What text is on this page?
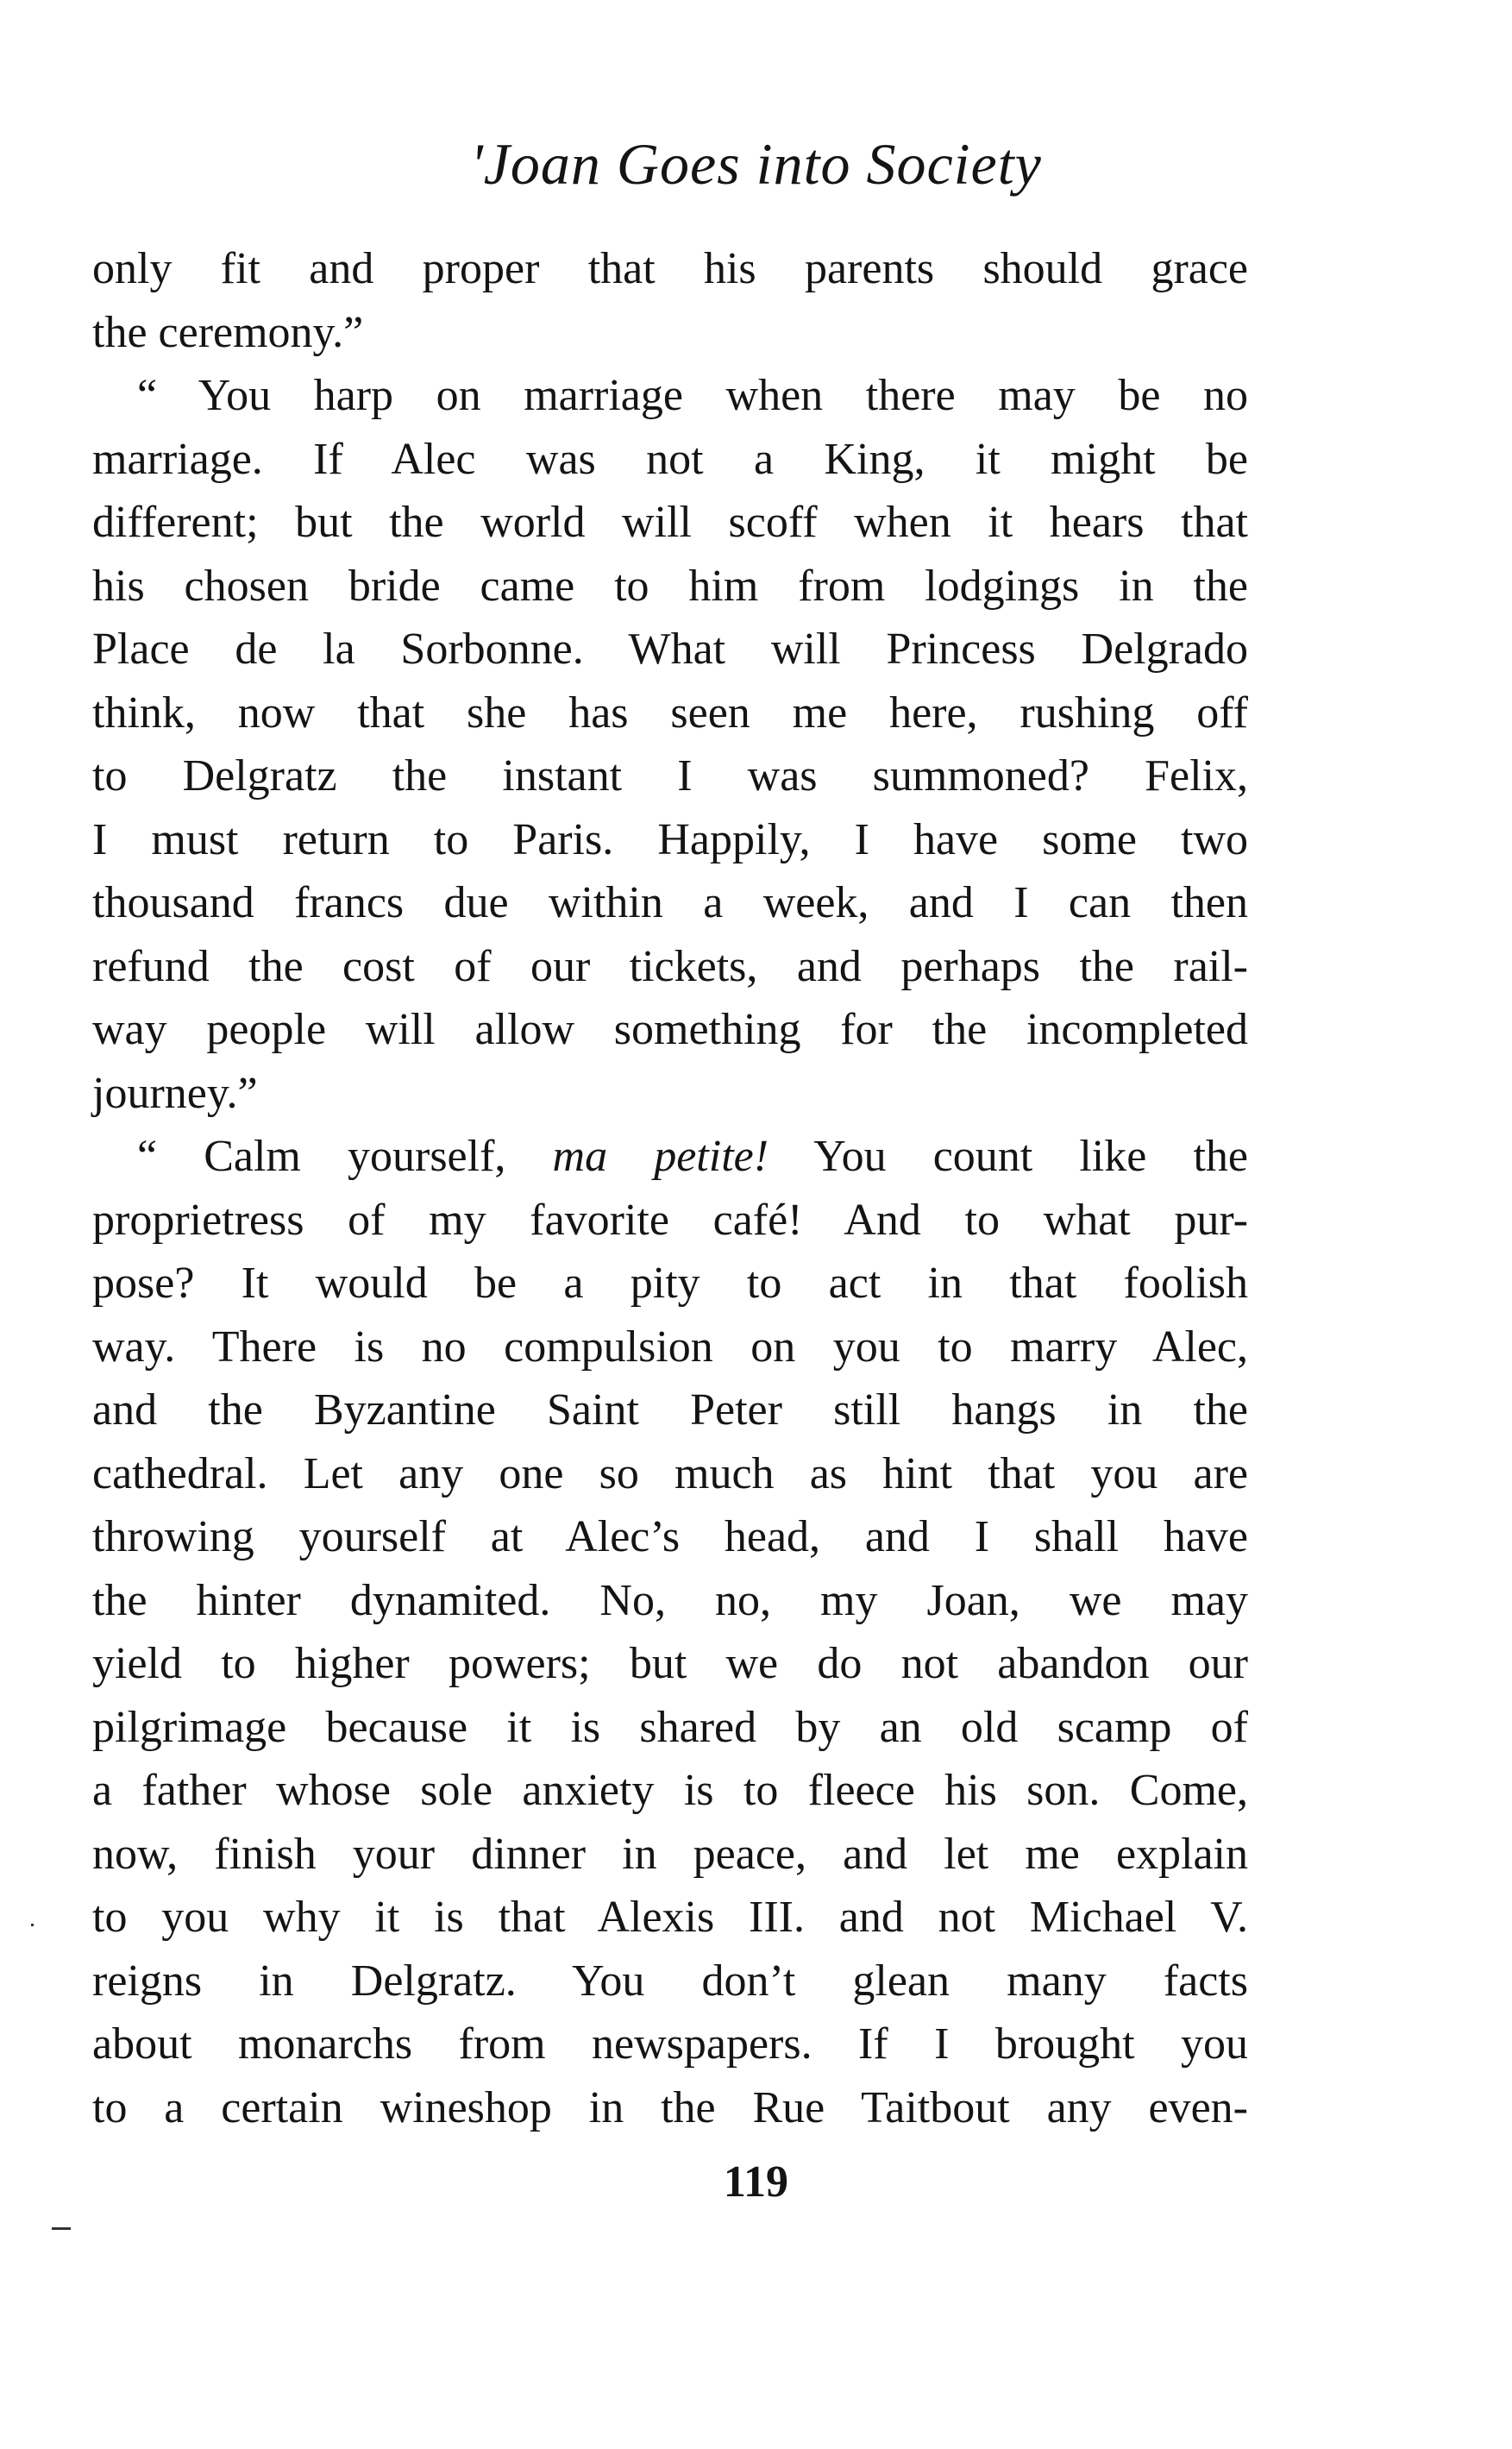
'Joan Goes into Society
only fit and proper that his parents should grace
the ceremony.”
“ You harp on marriage when there may be no
marriage. If Alec was not a King, it might be
different; but the world will scoff when it hears that
his chosen bride came to him from lodgings in the
Place de la Sorbonne. What will Princess Delgrado
think, now that she has seen me here, rushing off
to Delgratz the instant I was summoned? Felix,
I must return to Paris. Happily, I have some two
thousand francs due within a week, and I can then
refund the cost of our tickets, and perhaps the rail-
way people will allow something for the incompleted
journey.”
“ Calm yourself, ma petite! You count like the
proprietress of my favorite café! And to what pur-
pose? It would be a pity to act in that foolish
way. There is no compulsion on you to marry Alec,
and the Byzantine Saint Peter still hangs in the
cathedral. Let any one so much as hint that you are
throwing yourself at Alec’s head, and I shall have
the hinter dynamited. No, no, my Joan, we may
yield to higher powers; but we do not abandon our
pilgrimage because it is shared by an old scamp of
a father whose sole anxiety is to fleece his son. Come,
now, finish your dinner in peace, and let me explain
to you why it is that Alexis III. and not Michael V.
reigns in Delgratz. You don’t glean many facts
about monarchs from newspapers. If I brought you
to a certain wineshop in the Rue Taitbout any even-
119
